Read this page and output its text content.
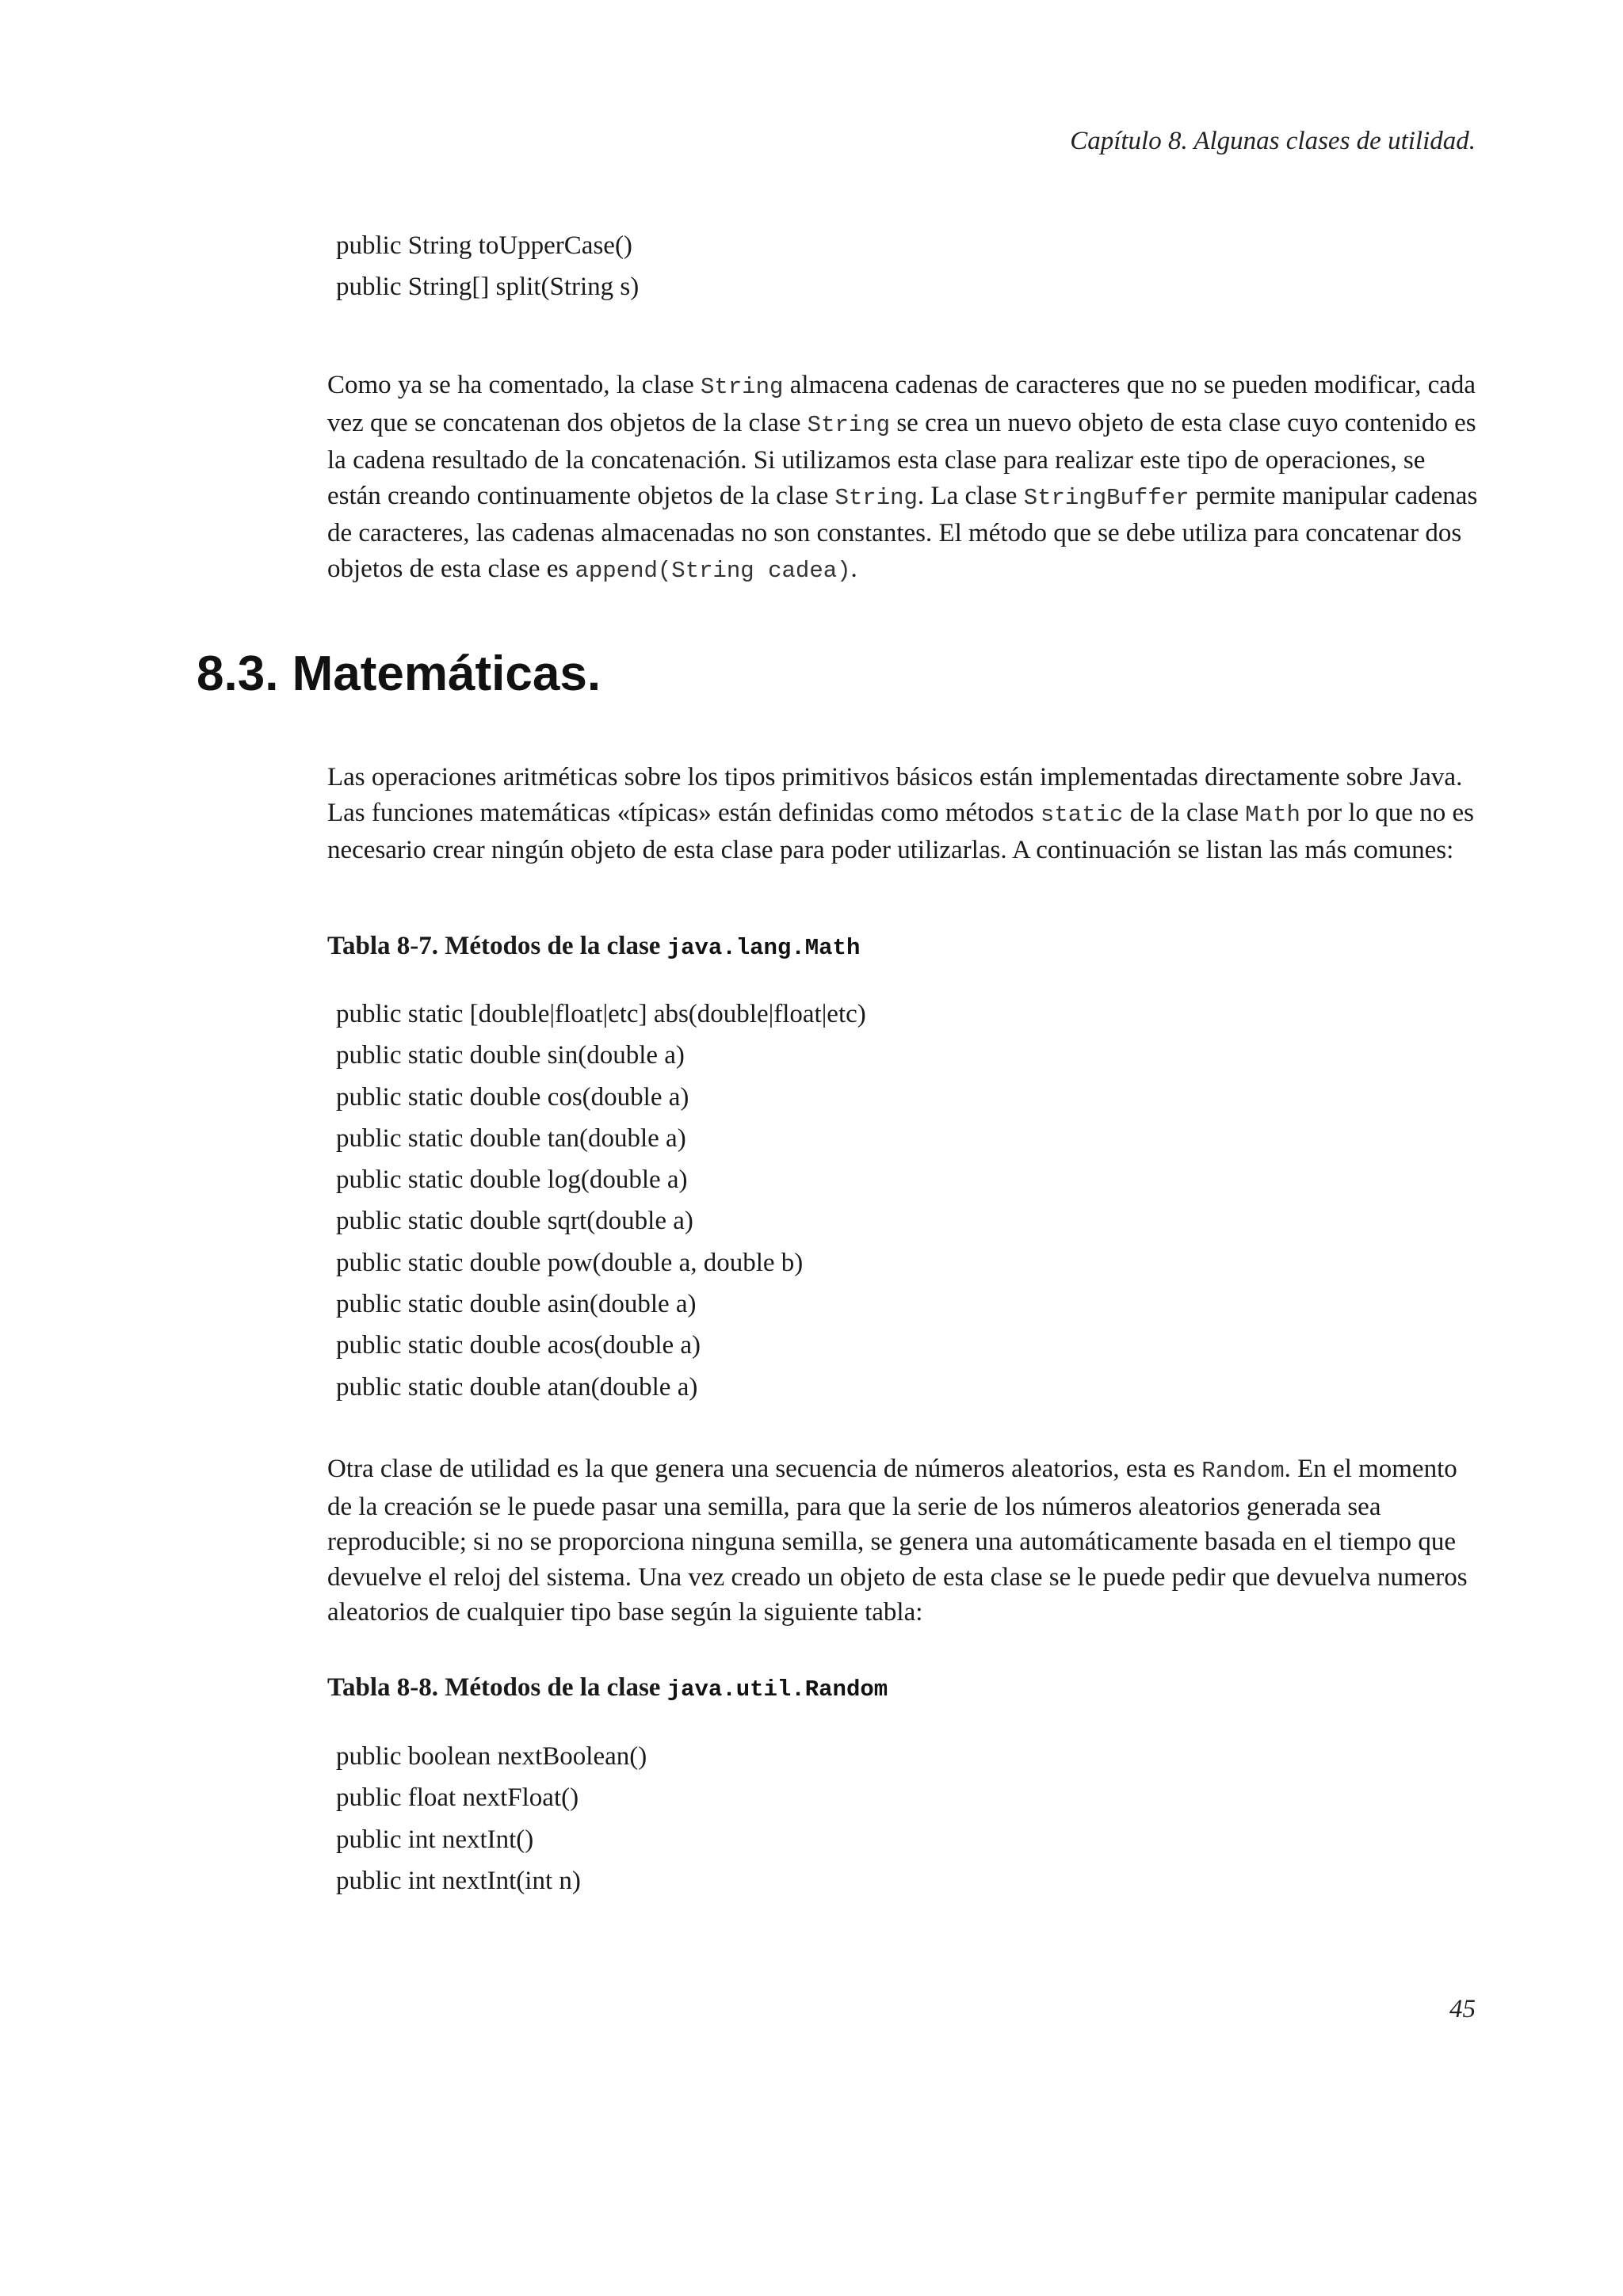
Capítulo 8. Algunas clases de utilidad.
public String toUpperCase()
public String[] split(String s)

Como ya se ha comentado, la clase String almacena cadenas de caracteres que no se pueden modificar, cada vez que se concatenan dos objetos de la clase String se crea un nuevo objeto de esta clase cuyo contenido es la cadena resultado de la concatenación. Si utilizamos esta clase para realizar este tipo de operaciones, se están creando continuamente objetos de la clase String. La clase StringBuffer permite manipular cadenas de caracteres, las cadenas almacenadas no son constantes. El método que se debe utiliza para concatenar dos objetos de esta clase es append(String cadea).

8.3. Matemáticas.

Las operaciones aritméticas sobre los tipos primitivos básicos están implementadas directamente sobre Java. Las funciones matemáticas «típicas» están definidas como métodos static de la clase Math por lo que no es necesario crear ningún objeto de esta clase para poder utilizarlas. A continuación se listan las más comunes:

Tabla 8-7. Métodos de la clase java.lang.Math

public static [double|float|etc] abs(double|float|etc)
public static double sin(double a)
public static double cos(double a)
public static double tan(double a)
public static double log(double a)
public static double sqrt(double a)
public static double pow(double a, double b)
public static double asin(double a)
public static double acos(double a)
public static double atan(double a)

Otra clase de utilidad es la que genera una secuencia de números aleatorios, esta es Random. En el momento de la creación se le puede pasar una semilla, para que la serie de los números aleatorios generada sea reproducible; si no se proporciona ninguna semilla, se genera una automáticamente basada en el tiempo que devuelve el reloj del sistema. Una vez creado un objeto de esta clase se le puede pedir que devuelva numeros aleatorios de cualquier tipo base según la siguiente tabla:

Tabla 8-8. Métodos de la clase java.util.Random

public boolean nextBoolean()
public float nextFloat()
public int nextInt()
public int nextInt(int n)
45
